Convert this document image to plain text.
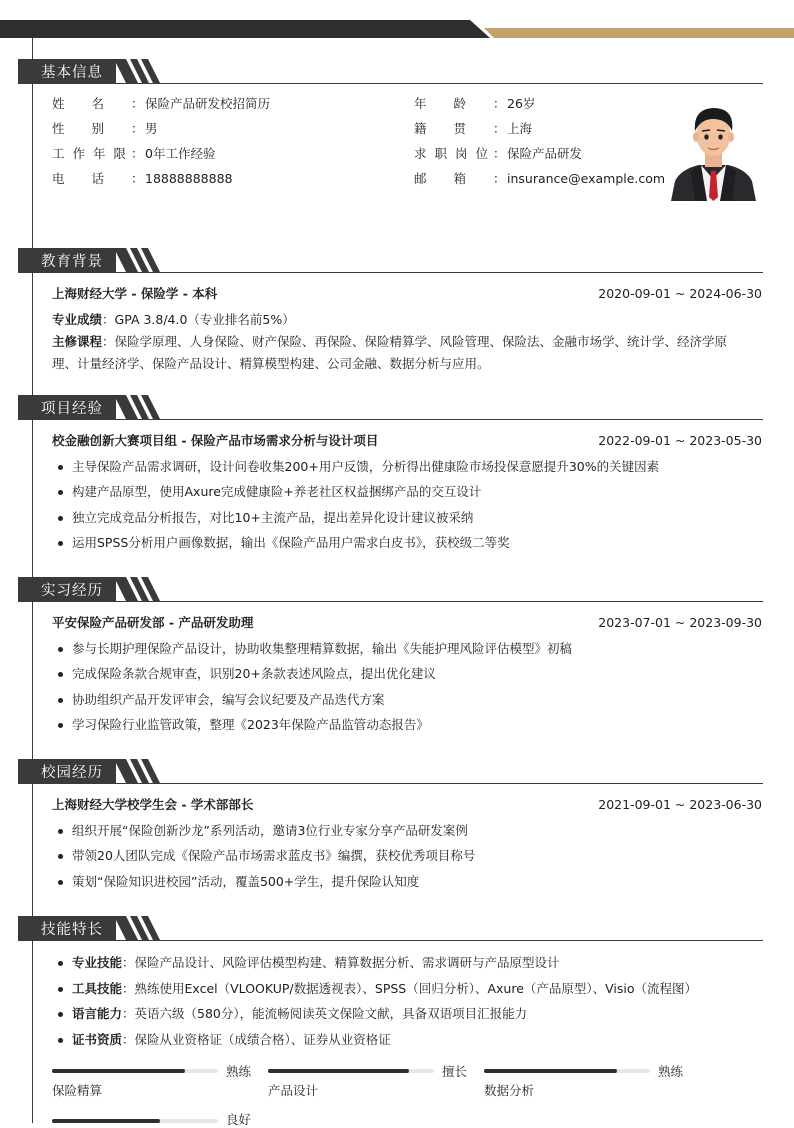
基本信息
姓 名 ： 保险产品研发校招简历
性 别 ： 男
工 作 年 限 ： 0年工作经验
电 话 ： 18888888888
年 龄 ： 26岁
籍 贯 ： 上海
求 职 岗 位 ： 保险产品研发
邮 箱 ： insurance@example.com
教育背景
上海财经大学 - 保险学 - 本科	2020-09-01 ~ 2024-06-30
专业成绩：GPA 3.8/4.0（专业排名前5%）
主修课程：保险学原理、人身保险、财产保险、再保险、保险精算学、风险管理、保险法、金融市场学、统计学、经济学原
理、计量经济学、保险产品设计、精算模型构建、公司金融、数据分析与应用。
项目经验
校金融创新大赛项目组 - 保险产品市场需求分析与设计项目	2022-09-01 ~ 2023-05-30
主导保险产品需求调研，设计问卷收集200+用户反馈，分析得出健康险市场投保意愿提升30%的关键因素
构建产品原型，使用Axure完成健康险+养老社区权益捆绑产品的交互设计
独立完成竞品分析报告，对比10+主流产品，提出差异化设计建议被采纳
运用SPSS分析用户画像数据，输出《保险产品用户需求白皮书》，获校级二等奖
实习经历
平安保险产品研发部 - 产品研发助理	2023-07-01 ~ 2023-09-30
参与长期护理保险产品设计，协助收集整理精算数据，输出《失能护理风险评估模型》初稿
完成保险条款合规审查，识别20+条款表述风险点，提出优化建议
协助组织产品开发评审会，编写会议纪要及产品迭代方案
学习保险行业监管政策，整理《2023年保险产品监管动态报告》
校园经历
上海财经大学校学生会 - 学术部部长	2021-09-01 ~ 2023-06-30
组织开展“保险创新沙龙”系列活动，邀请3位行业专家分享产品研发案例
带领20人团队完成《保险产品市场需求蓝皮书》编撰，获校优秀项目称号
策划“保险知识进校园”活动，覆盖500+学生，提升保险认知度
技能特长
专业技能：保险产品设计、风险评估模型构建、精算数据分析、需求调研与产品原型设计
工具技能：熟练使用Excel（VLOOKUP/数据透视表）、SPSS（回归分析）、Axure（产品原型）、Visio（流程图）
语言能力：英语六级（580分），能流畅阅读英文保险文献，具备双语项目汇报能力
证书资质：保险从业资格证（成绩合格）、证券从业资格证
熟练
保险精算
擅长
产品设计
熟练
数据分析
良好
